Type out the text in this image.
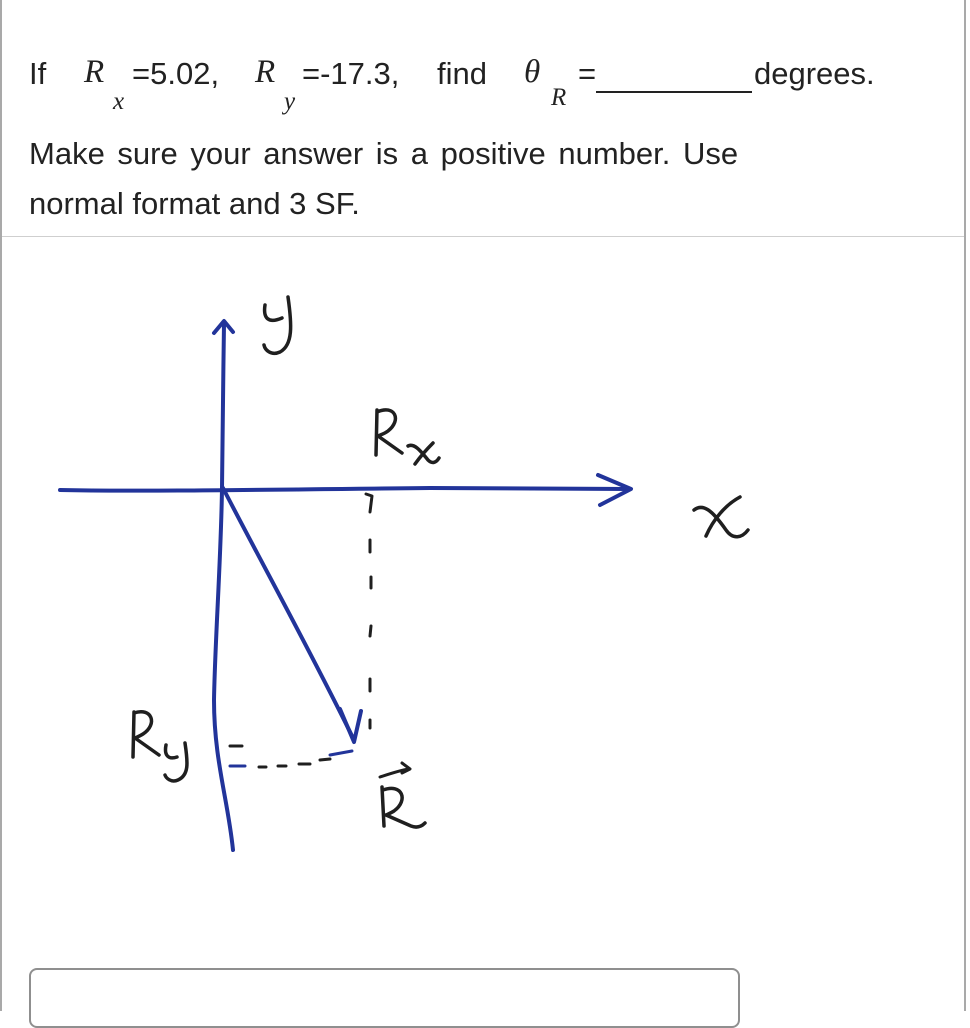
If R
x
=5.02, R
y
=-17.3, find θ
R
=	degrees.
Make sure your answer is a positive number. Use
normal format and 3 SF.
